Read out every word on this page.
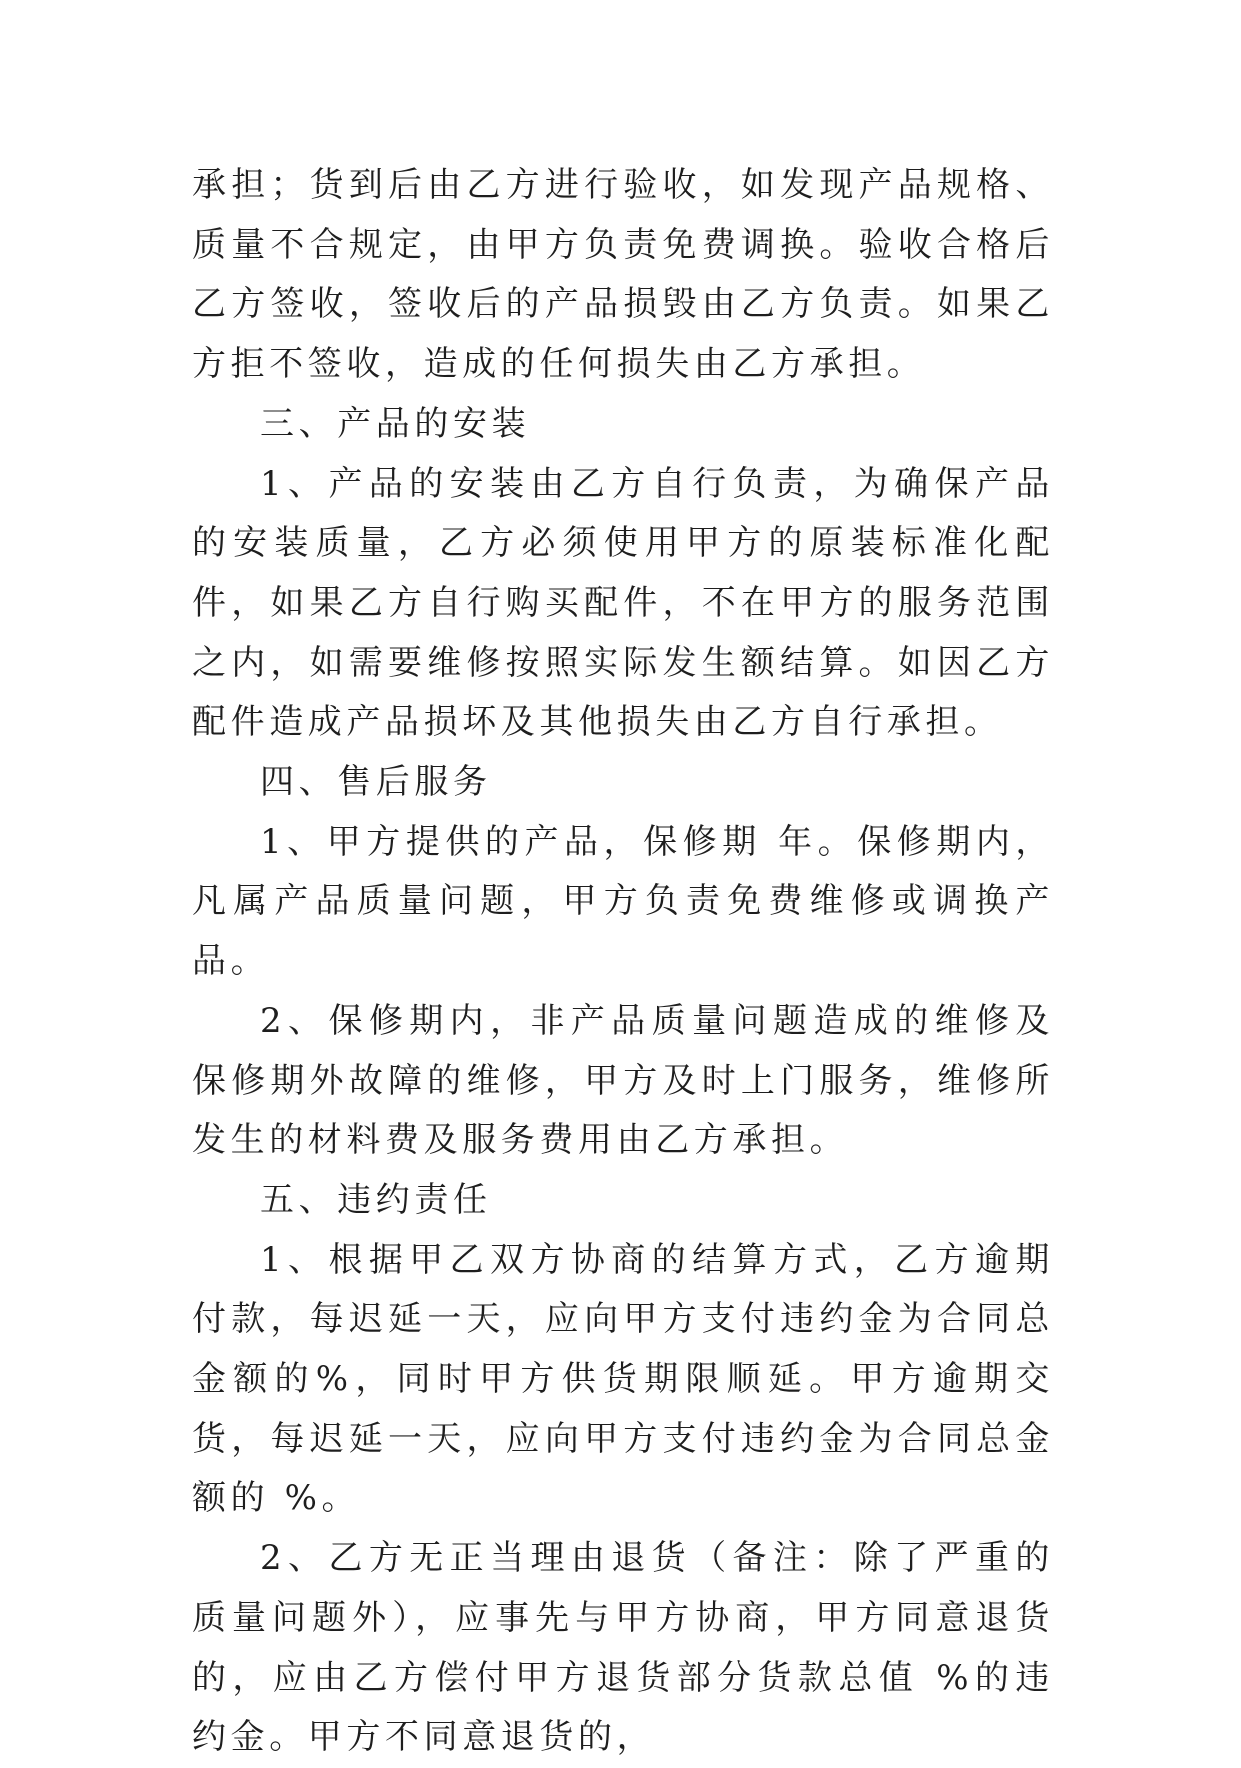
承担；货到后由乙方进行验收，如发现产品规格、质量不合规定，由甲方负责免费调换。验收合格后乙方签收，签收后的产品损毁由乙方负责。如果乙方拒不签收，造成的任何损失由乙方承担。

三、产品的安装

1、产品的安装由乙方自行负责，为确保产品的安装质量，乙方必须使用甲方的原装标准化配件，如果乙方自行购买配件，不在甲方的服务范围之内，如需要维修按照实际发生额结算。如因乙方配件造成产品损坏及其他损失由乙方自行承担。

四、售后服务

1、甲方提供的产品，保修期 年。保修期内，凡属产品质量问题，甲方负责免费维修或调换产品。

2、保修期内，非产品质量问题造成的维修及保修期外故障的维修，甲方及时上门服务，维修所发生的材料费及服务费用由乙方承担。

五、违约责任

1、根据甲乙双方协商的结算方式，乙方逾期付款，每迟延一天，应向甲方支付违约金为合同总金额的%，同时甲方供货期限顺延。甲方逾期交货，每迟延一天，应向甲方支付违约金为合同总金额的 %。

2、乙方无正当理由退货（备注：除了严重的质量问题外），应事先与甲方协商，甲方同意退货的，应由乙方偿付甲方退货部分货款总值 %的违约金。甲方不同意退货的，
